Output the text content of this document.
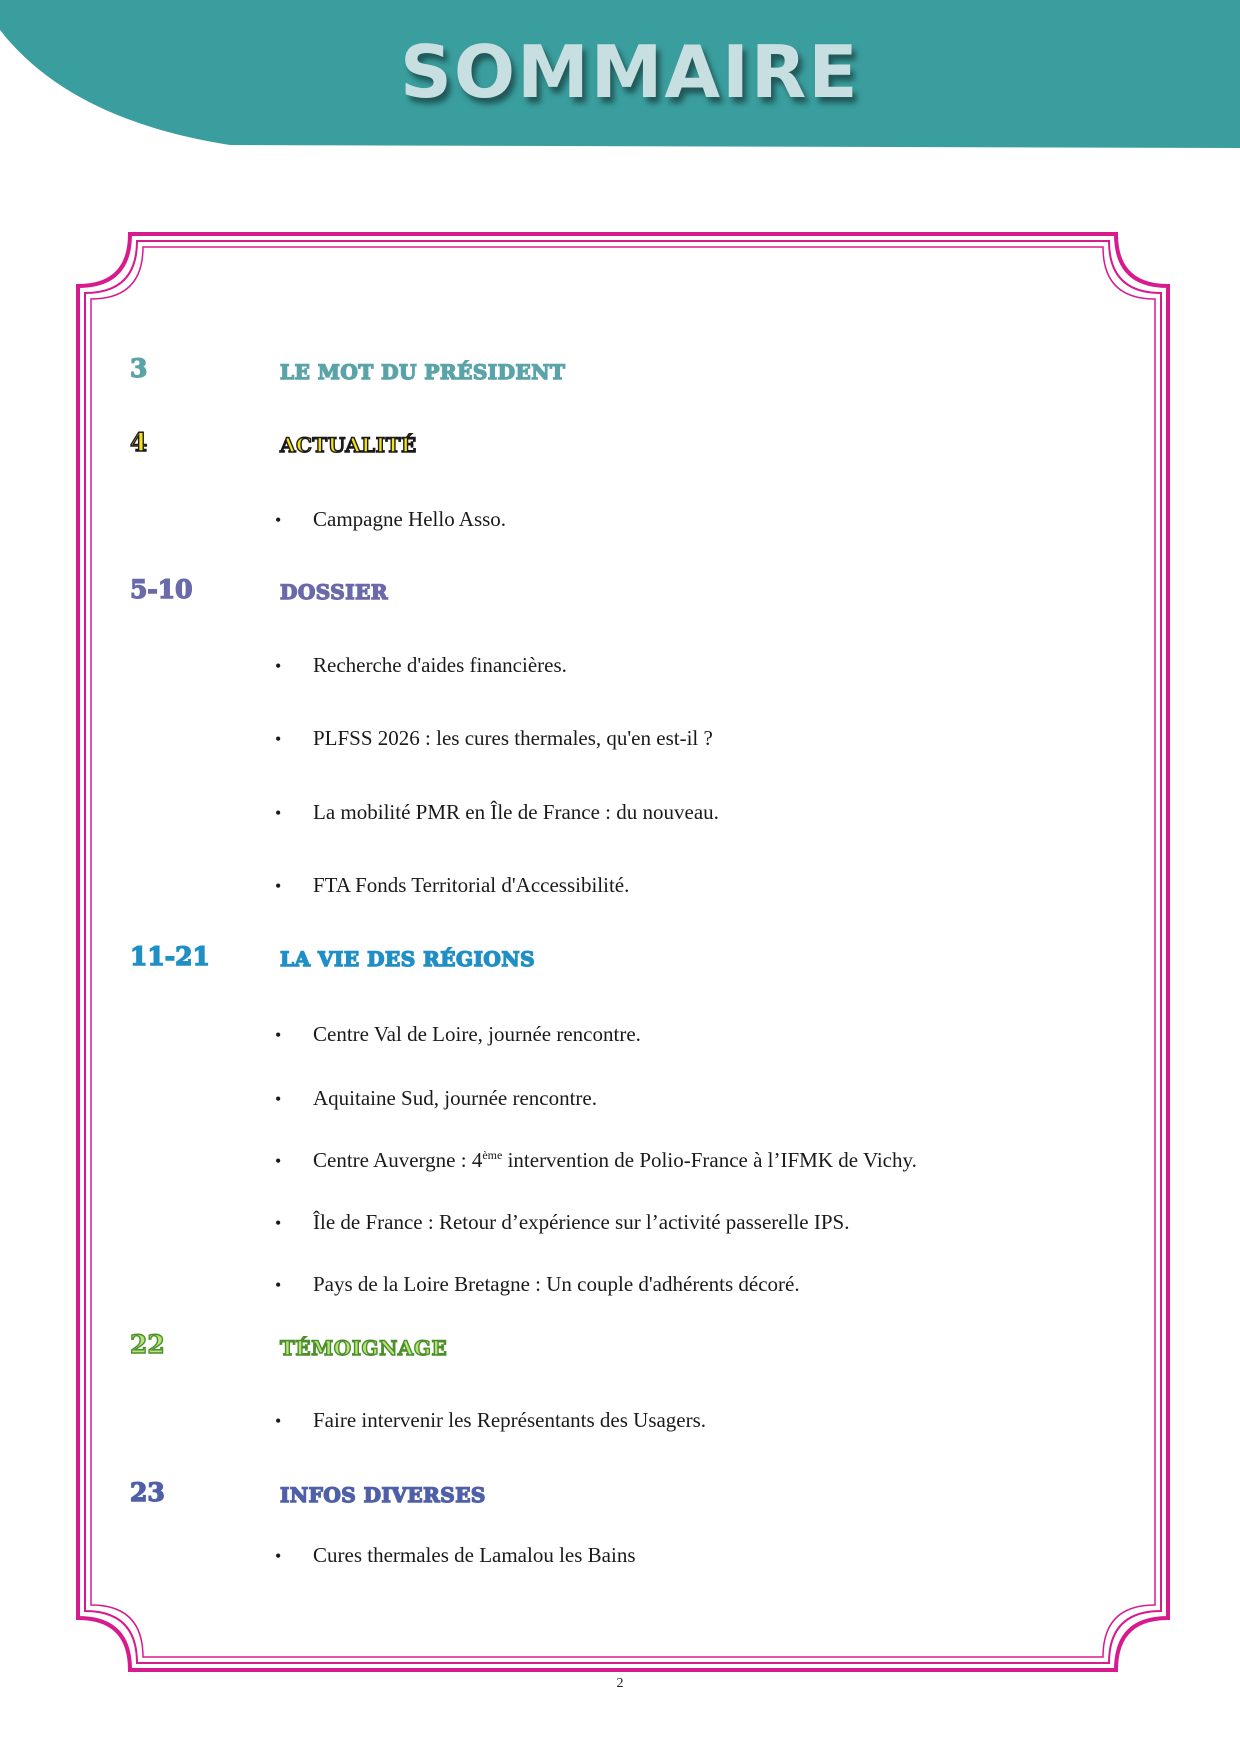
SOMMAIRE
3	LE MOT DU PRÉSIDENT
4	ACTUALITÉ
• Campagne Hello Asso.
5-10	DOSSIER
• Recherche d'aides financières.
• PLFSS 2026 : les cures thermales, qu'en est-il ?
• La mobilité PMR en Île de France : du nouveau.
• FTA Fonds Territorial d'Accessibilité.
11-21	LA VIE DES RÉGIONS
• Centre Val de Loire, journée rencontre.
• Aquitaine Sud, journée rencontre.
• Centre Auvergne : 4ème intervention de Polio-France à l’IFMK de Vichy.
• Île de France : Retour d’expérience sur l’activité passerelle IPS.
• Pays de la Loire Bretagne : Un couple d'adhérents décoré.
22	TÉMOIGNAGE
• Faire intervenir les Représentants des Usagers.
23	INFOS DIVERSES
• Cures thermales de Lamalou les Bains
2
